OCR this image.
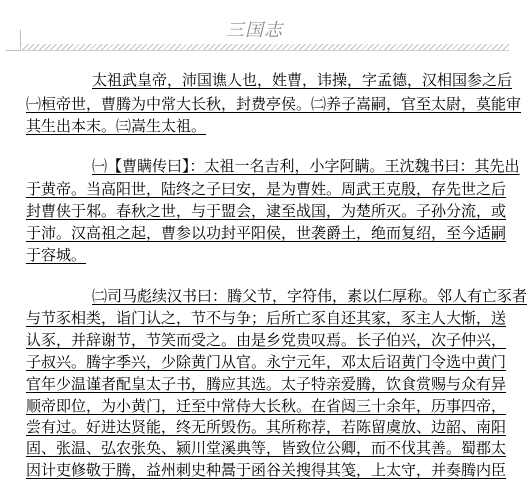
三国志
太祖武皇帝，沛国谯人也，姓曹，讳操，字孟德，汉相国参之后
㈠桓帝世，曹腾为中常大长秋，封费亭侯。㈡养子嵩嗣，官至太尉，莫能审
其生出本末。㈢嵩生太祖。
㈠【曹瞒传曰】：太祖一名吉利，小字阿瞒。王沈魏书曰：其先出
于黄帝。当高阳世，陆终之子曰安，是为曹姓。周武王克殷，存先世之后
封曹侠于邾。春秋之世，与于盟会，逮至战国，为楚所灭。子孙分流，或
于沛。汉高祖之起，曹参以功封平阳侯，世袭爵土，绝而复绍，至今适嗣
于容城。
㈡司马彪续汉书曰：腾父节，字符伟，素以仁厚称。邻人有亡豕者
与节豕相类，诣门认之，节不与争；后所亡豕自还其家，豕主人大惭，送
认豕，并辞谢节，节笑而受之。由是乡党贵叹焉。长子伯兴，次子仲兴，
子叔兴。腾字季兴，少除黄门从官。永宁元年，邓太后诏黄门令选中黄门
官年少温谨者配皇太子书，腾应其选。太子特亲爱腾，饮食赏赐与众有异
顺帝即位，为小黄门，迁至中常侍大长秋。在省闼三十余年，历事四帝，
尝有过。好进达贤能，终无所毁伤。其所称荐，若陈留虞放、边韶、南阳
固、张温、弘农张奂、颍川堂溪典等，皆致位公卿，而不伐其善。蜀郡太
因计吏修敬于腾，益州刺史种暠于函谷关搜得其笺，上太守，并奏腾内臣
